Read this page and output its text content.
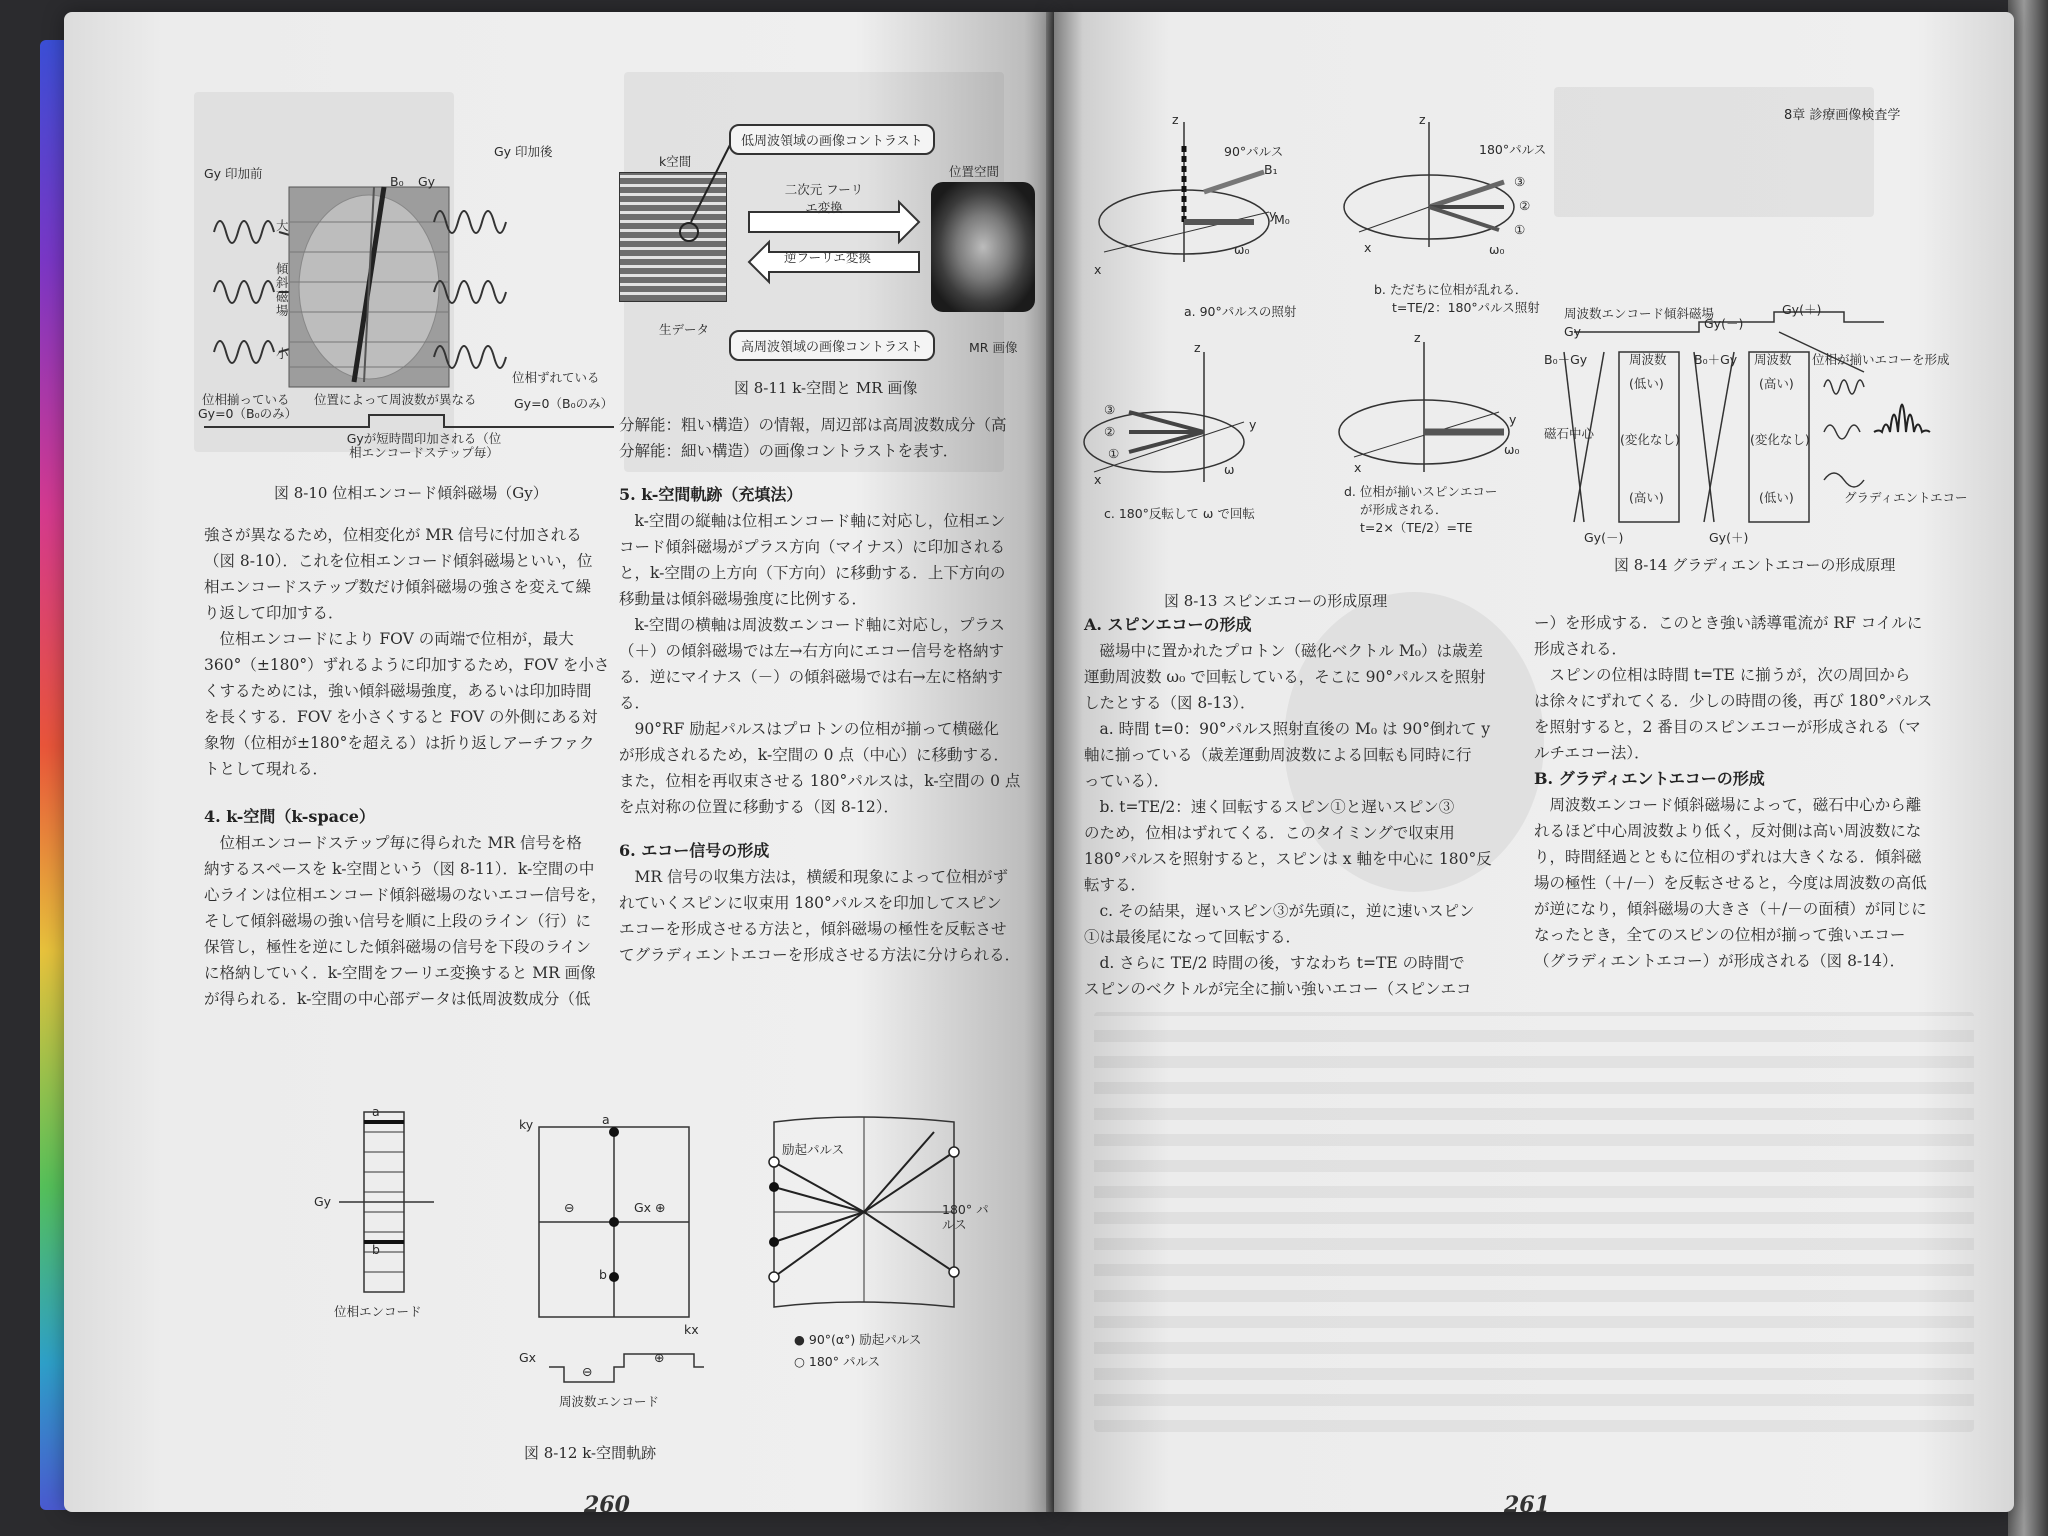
Gy 印加前
Gy 印加後
B₀ Gy
大
小
傾斜磁場
位相揃っている 位置によって周波数が異なる
位相ずれている
Gy=0（B₀のみ）
Gy=0（B₀のみ）
Gyが短時間印加される（位相エンコードステップ毎）
図 8-10 位相エンコード傾斜磁場（Gy）
低周波領域の画像コントラスト
高周波領域の画像コントラスト
k空間
位置空間
二次元 フーリエ変換
逆フーリエ変換
生データ
MR 画像
図 8-11 k-空間と MR 画像
強さが異なるため，位相変化が MR 信号に付加される
（図 8-10）．これを位相エンコード傾斜磁場といい，位
相エンコードステップ数だけ傾斜磁場の強さを変えて繰
り返して印加する．
　位相エンコードにより FOV の両端で位相が，最大
360°（±180°）ずれるように印加するため，FOV を小さ
くするためには，強い傾斜磁場強度，あるいは印加時間
を長くする．FOV を小さくすると FOV の外側にある対
象物（位相が±180°を超える）は折り返しアーチファク
トとして現れる．
4. k-空間（k-space）
　位相エンコードステップ毎に得られた MR 信号を格
納するスペースを k-空間という（図 8-11）．k-空間の中
心ラインは位相エンコード傾斜磁場のないエコー信号を，
そして傾斜磁場の強い信号を順に上段のライン（行）に
保管し，極性を逆にした傾斜磁場の信号を下段のライン
に格納していく．k-空間をフーリエ変換すると MR 画像
が得られる．k-空間の中心部データは低周波数成分（低
分解能：粗い構造）の情報，周辺部は高周波数成分（高
分解能：細い構造）の画像コントラストを表す．
5. k-空間軌跡（充填法）
　k-空間の縦軸は位相エンコード軸に対応し，位相エン
コード傾斜磁場がプラス方向（マイナス）に印加される
と，k-空間の上方向（下方向）に移動する．上下方向の
移動量は傾斜磁場強度に比例する．
　k-空間の横軸は周波数エンコード軸に対応し，プラス
（＋）の傾斜磁場では左→右方向にエコー信号を格納す
る．逆にマイナス（－）の傾斜磁場では右→左に格納す
る．
　90°RF 励起パルスはプロトンの位相が揃って横磁化
が形成されるため，k-空間の 0 点（中心）に移動する．
また，位相を再収束させる 180°パルスは，k-空間の 0 点
を点対称の位置に移動する（図 8-12）．
6. エコー信号の形成
　MR 信号の収集方法は，横緩和現象によって位相がず
れていくスピンに収束用 180°パルスを印加してスピン
エコーを形成させる方法と，傾斜磁場の極性を反転させ
てグラディエントエコーを形成させる方法に分けられる．
a
b
Gy
位相エンコード
ky	a
b
⊖	Gx ⊕
kx
Gx
⊖
⊕
周波数エンコード
励起パルス
180° パルス
● 90°(α°) 励起パルス
○ 180° パルス
図 8-12 k-空間軌跡
260
8章 診療画像検査学
z
y
x
90°パルス
B₁
M₀
ω₀
z
180°パルス
③
②
①
x	ω₀
a. 90°パルスの照射
b. ただちに位相が乱れる．
t=TE/2：180°パルス照射
z
③
②
①
y
x
ω
z
y
x
ω₀
c. 180°反転して ω で回転
d. 位相が揃いスピンエコー
が形成される．
t=2×（TE/2）=TE
図 8-13 スピンエコーの形成原理
周波数エンコード傾斜磁場	Gy(＋)
Gy(－)
Gy
B₀－Gy	周波数 B₀＋Gy 周波数 位相が揃いエコーを形成
(低い)
(変化なし)
(高い)
(高い)
(変化なし)
(低い)
磁石中心
グラディエントエコー
Gy(－)	Gy(＋)
図 8-14 グラディエントエコーの形成原理
A. スピンエコーの形成
　磁場中に置かれたプロトン（磁化ベクトル M₀）は歳差
運動周波数 ω₀ で回転している，そこに 90°パルスを照射
したとする（図 8-13）．
　a. 時間 t=0：90°パルス照射直後の M₀ は 90°倒れて y
軸に揃っている（歳差運動周波数による回転も同時に行
っている）．
　b. t=TE/2：速く回転するスピン①と遅いスピン③
のため，位相はずれてくる．このタイミングで収束用
180°パルスを照射すると，スピンは x 軸を中心に 180°反
転する．
　c. その結果，遅いスピン③が先頭に，逆に速いスピン
①は最後尾になって回転する．
　d. さらに TE/2 時間の後，すなわち t=TE の時間で
スピンのベクトルが完全に揃い強いエコー（スピンエコ
ー）を形成する．このとき強い誘導電流が RF コイルに
形成される．
　スピンの位相は時間 t=TE に揃うが，次の周回から
は徐々にずれてくる．少しの時間の後，再び 180°パルス
を照射すると，2 番目のスピンエコーが形成される（マ
ルチエコー法）．
B. グラディエントエコーの形成
　周波数エンコード傾斜磁場によって，磁石中心から離
れるほど中心周波数より低く，反対側は高い周波数にな
り，時間経過とともに位相のずれは大きくなる．傾斜磁
場の極性（＋/－）を反転させると，今度は周波数の高低
が逆になり，傾斜磁場の大きさ（＋/－の面積）が同じに
なったとき，全てのスピンの位相が揃って強いエコー
（グラディエントエコー）が形成される（図 8-14）．
261
